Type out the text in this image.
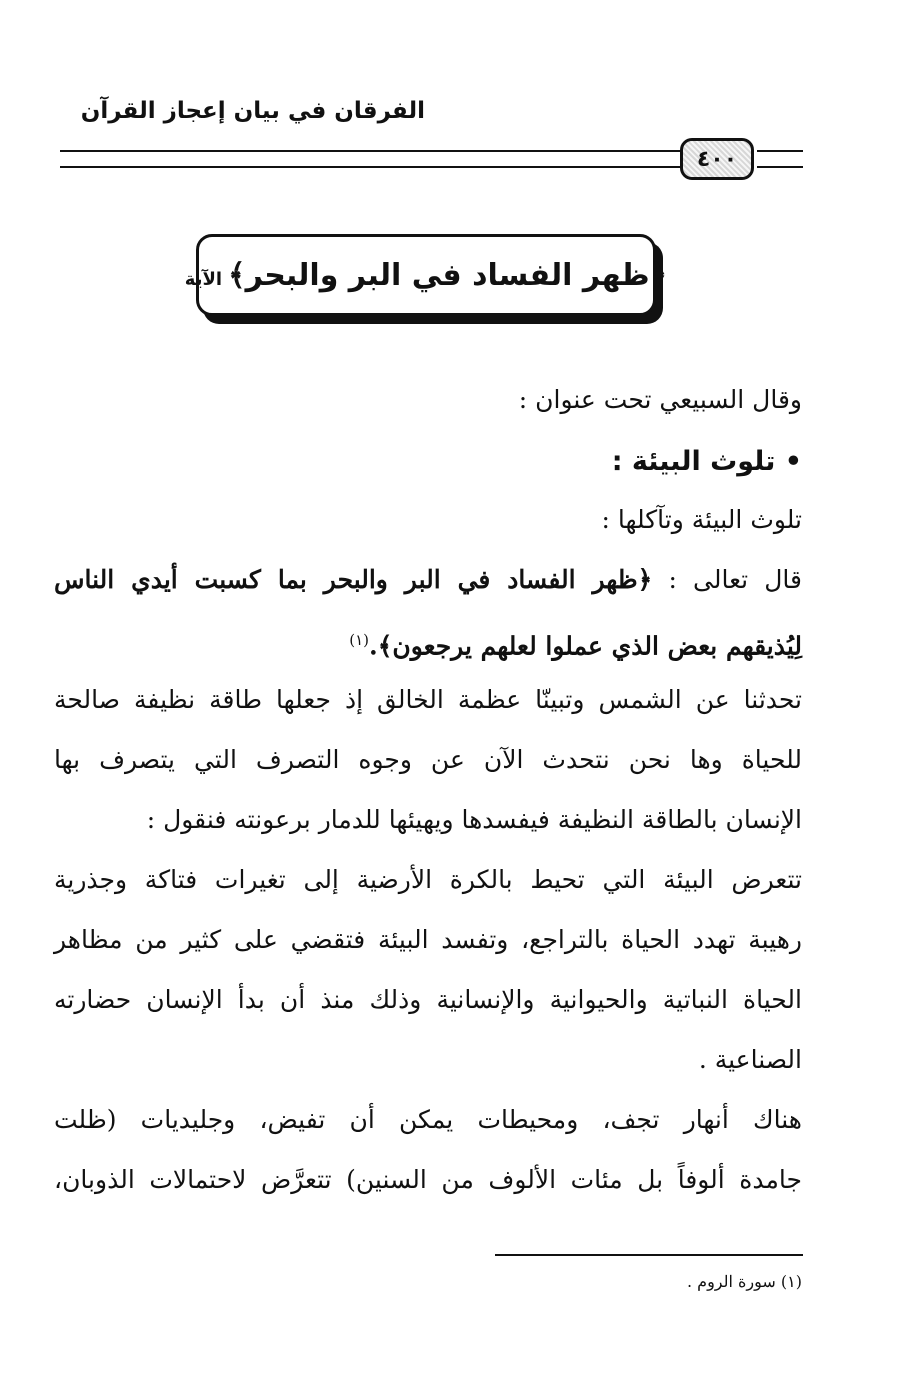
الفرقان في بيان إعجاز القرآن
٤٠٠
﴿ظهر الفساد في البر والبحر﴾الآية
وقال السبيعي تحت عنوان :
• تلوث البيئة :
تلوث البيئة وتآكلها :
قال تعالى : ﴿ظهر الفساد في البر والبحر بما كسبت أيدي الناس
لِيُذيقهم بعض الذي عملوا لعلهم يرجعون﴾.$^{(١)}$
تحدثنا عن الشمس وتبينّا عظمة الخالق إذ جعلها طاقة نظيفة صالحة
للحياة وها نحن نتحدث الآن عن وجوه التصرف التي يتصرف بها
الإنسان بالطاقة النظيفة فيفسدها ويهيئها للدمار برعونته فنقول :
تتعرض البيئة التي تحيط بالكرة الأرضية إلى تغيرات فتاكة وجذرية
رهيبة تهدد الحياة بالتراجع، وتفسد البيئة فتقضي على كثير من مظاهر
الحياة النباتية والحيوانية والإنسانية وذلك منذ أن بدأ الإنسان حضارته
الصناعية .
هناك أنهار تجف، ومحيطات يمكن أن تفيض، وجليديات (ظلت
جامدة ألوفاً بل مئات الألوف من السنين) تتعرَّض لاحتمالات الذوبان،
(١) سورة الروم .
